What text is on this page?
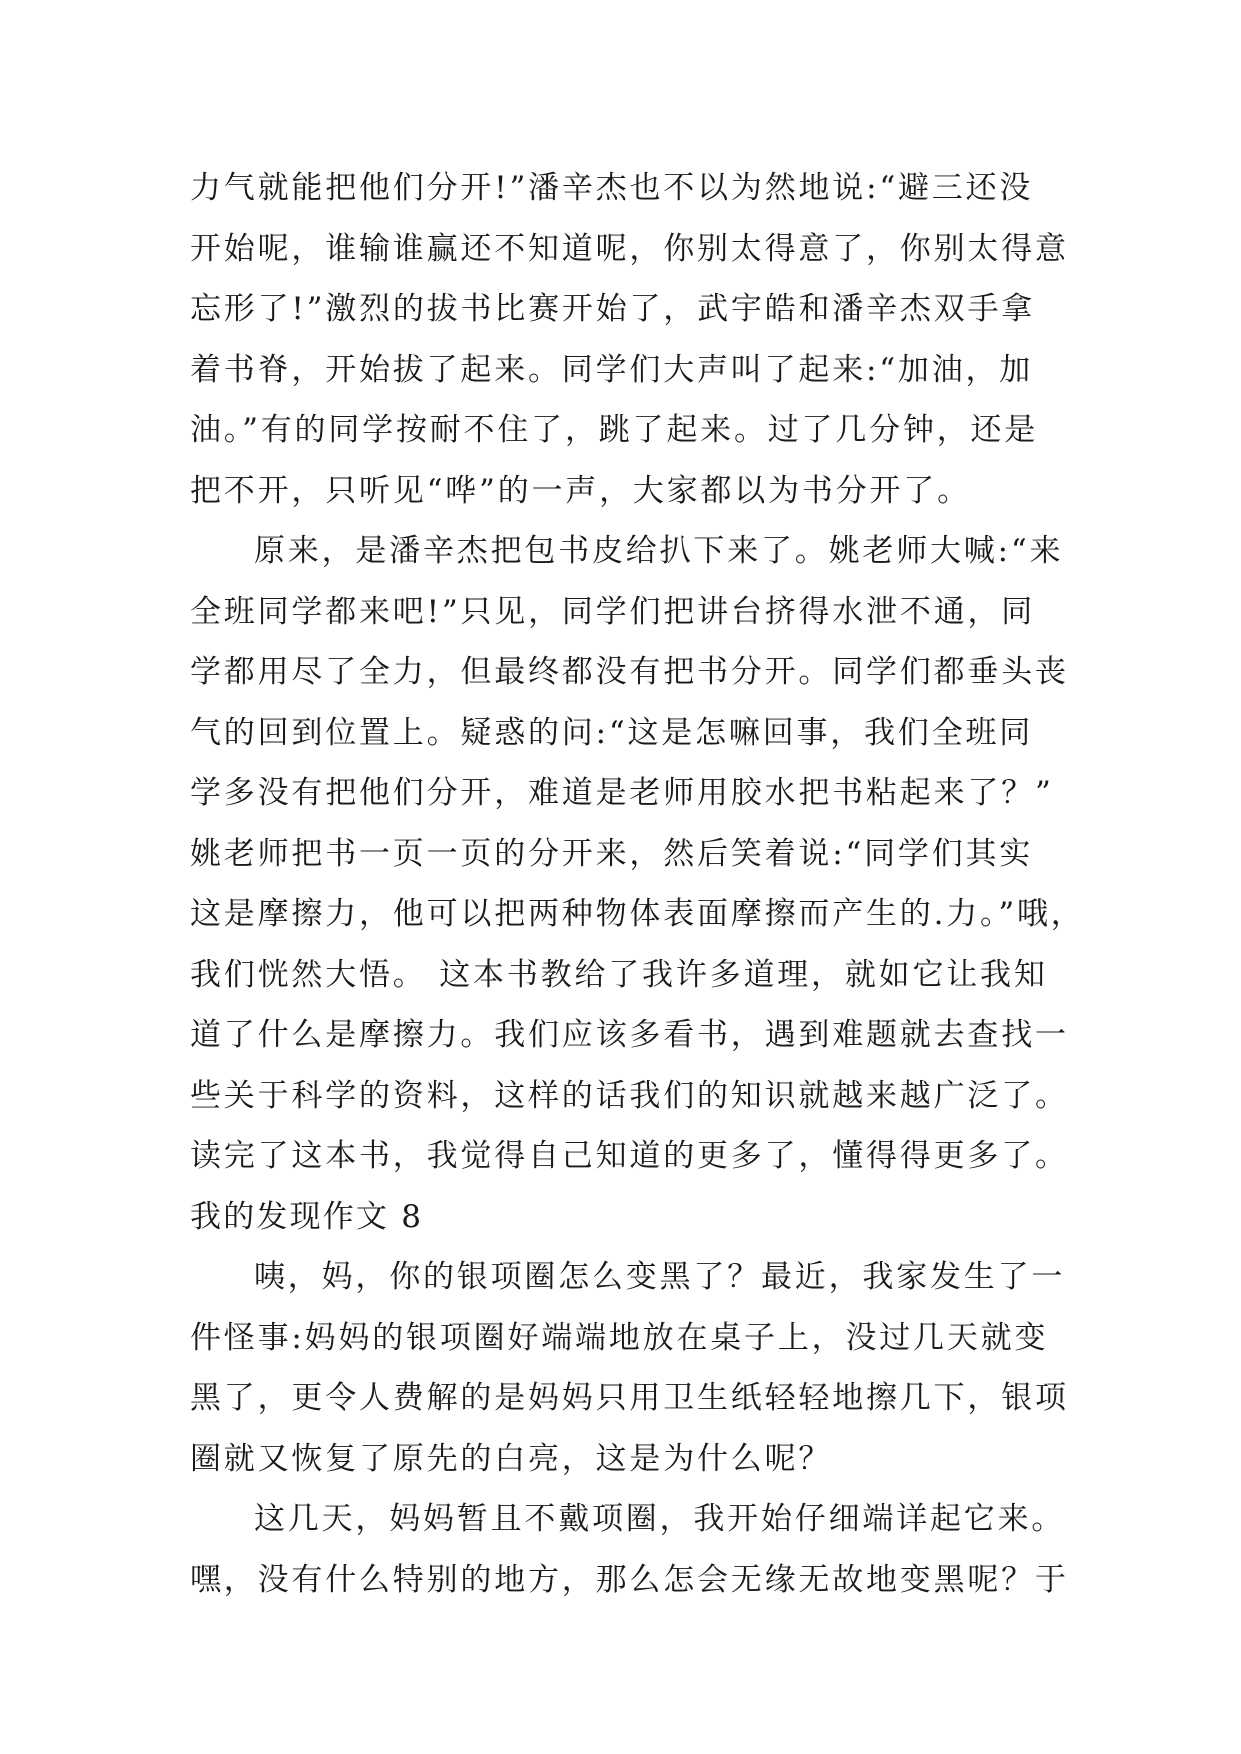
力气就能把他们分开!”潘辛杰也不以为然地说:“避三还没
开始呢，谁输谁赢还不知道呢，你别太得意了，你别太得意
忘形了!”激烈的拔书比赛开始了，武宇皓和潘辛杰双手拿
着书脊，开始拔了起来。同学们大声叫了起来:“加油，加
油。”有的同学按耐不住了，跳了起来。过了几分钟，还是
把不开，只听见“哗”的一声，大家都以为书分开了。
原来，是潘辛杰把包书皮给扒下来了。姚老师大喊:“来
全班同学都来吧!”只见，同学们把讲台挤得水泄不通，同
学都用尽了全力，但最终都没有把书分开。同学们都垂头丧
气的回到位置上。疑惑的问:“这是怎嘛回事，我们全班同
学多没有把他们分开，难道是老师用胶水把书粘起来了？”
姚老师把书一页一页的分开来，然后笑着说:“同学们其实
这是摩擦力，他可以把两种物体表面摩擦而产生的.力。”哦，
我们恍然大悟。 这本书教给了我许多道理，就如它让我知
道了什么是摩擦力。我们应该多看书，遇到难题就去查找一
些关于科学的资料，这样的话我们的知识就越来越广泛了。
读完了这本书，我觉得自己知道的更多了，懂得得更多了。
我的发现作文 8
咦，妈，你的银项圈怎么变黑了？最近，我家发生了一
件怪事:妈妈的银项圈好端端地放在桌子上，没过几天就变
黑了，更令人费解的是妈妈只用卫生纸轻轻地擦几下，银项
圈就又恢复了原先的白亮，这是为什么呢？
这几天，妈妈暂且不戴项圈，我开始仔细端详起它来。
嘿，没有什么特别的地方，那么怎会无缘无故地变黑呢？于
